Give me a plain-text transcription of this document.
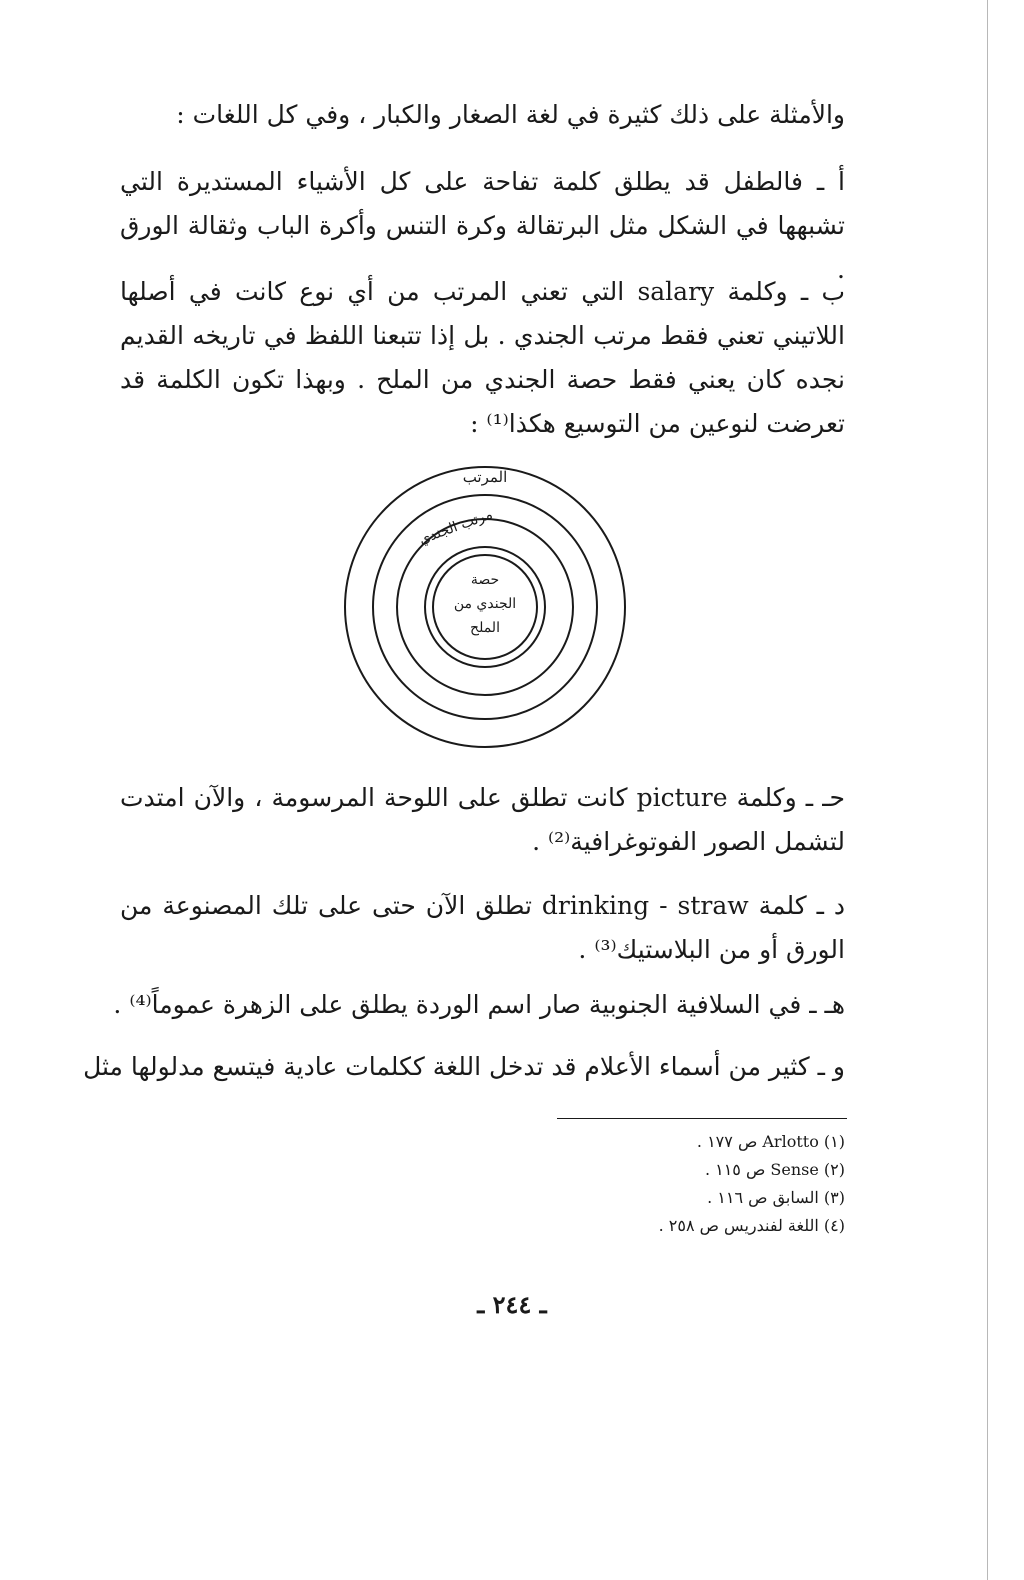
والأمثلة على ذلك كثيرة في لغة الصغار والكبار ، وفي كل اللغات :
أ ـ فالطفل قد يطلق كلمة تفاحة على كل الأشياء المستديرة التي تشبهها في الشكل مثل البرتقالة وكرة التنس وأكرة الباب وثقالة الورق .
ب ـ وكلمة salary التي تعني المرتب من أي نوع كانت في أصلها اللاتيني تعني فقط مرتب الجندي . بل إذا تتبعنا اللفظ في تاريخه القديم نجده كان يعني فقط حصة الجندي من الملح . وبهذا تكون الكلمة قد تعرضت لنوعين من التوسيع هكذا⁽¹⁾ :
المرتب
مرتب الجندي
حصة
الجندي من
الملح
حـ ـ وكلمة picture كانت تطلق على اللوحة المرسومة ، والآن امتدت لتشمل الصور الفوتوغرافية⁽²⁾ .
د ـ كلمة drinking - straw تطلق الآن حتى على تلك المصنوعة من الورق أو من البلاستيك⁽³⁾ .
هـ ـ في السلافية الجنوبية صار اسم الوردة يطلق على الزهرة عموماً⁽⁴⁾ .
و ـ كثير من أسماء الأعلام قد تدخل اللغة ككلمات عادية فيتسع مدلولها مثل
(١) Arlotto ص ١٧٧ .
(٢) Sense ص ١١٥ .
(٣) السابق ص ١١٦ .
(٤) اللغة لفندريس ص ٢٥٨ .
ـ ٢٤٤ ـ
